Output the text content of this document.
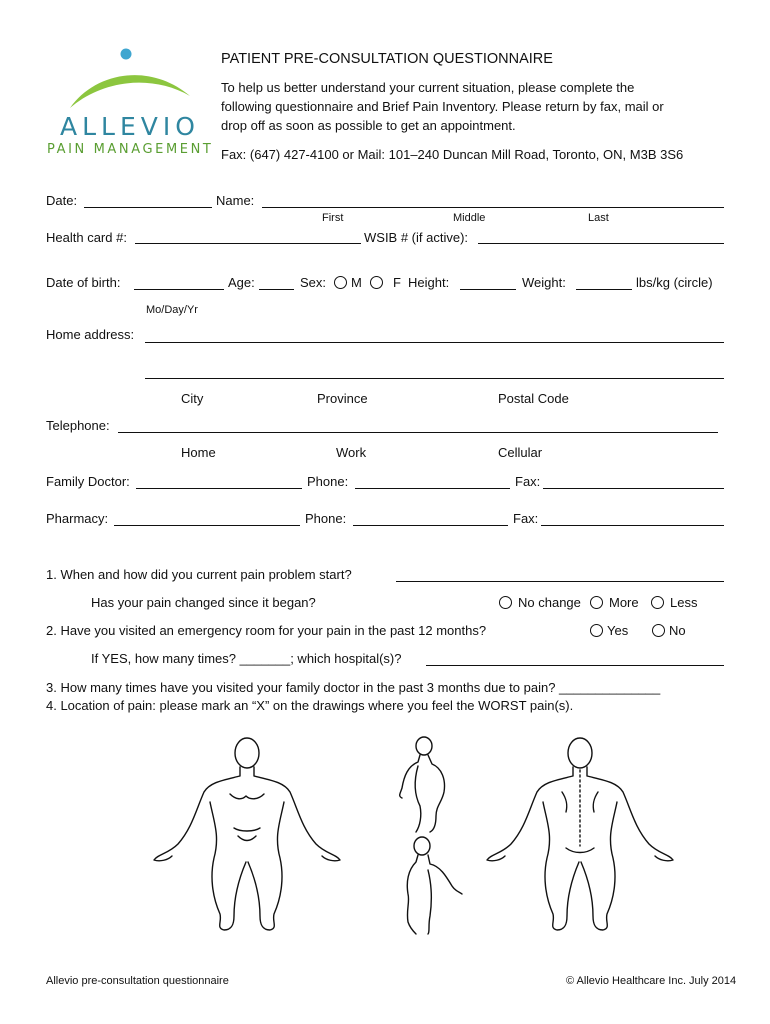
ALLEVIO
PAIN MANAGEMENT
PATIENT PRE-CONSULTATION QUESTIONNAIRE
To help us better understand your current situation, please complete the
following questionnaire and Brief Pain Inventory. Please return by fax, mail or
drop off as soon as possible to get an appointment.
Fax: (647) 427-4100 or Mail: 101–240 Duncan Mill Road, Toronto, ON, M3B 3S6
Date:	Name:
First	Middle	Last
Health card #:	WSIB # (if active):
Date of birth:	Age:	Sex: M F Height:	Weight:	lbs/kg (circle)
Mo/Day/Yr
Home address:
City	Province	Postal Code
Telephone:
Home	Work	Cellular
Family Doctor:	Phone:	Fax:
Pharmacy:	Phone:	Fax:
1. When and how did you current pain problem start?
Has your pain changed since it began?	No change More Less
2. Have you visited an emergency room for your pain in the past 12 months?	Yes	No
If YES, how many times? _______; which hospital(s)?
3. How many times have you visited your family doctor in the past 3 months due to pain? ______________
4. Location of pain: please mark an “X” on the drawings where you feel the WORST pain(s).
Allevio pre-consultation questionnaire	© Allevio Healthcare Inc. July 2014
